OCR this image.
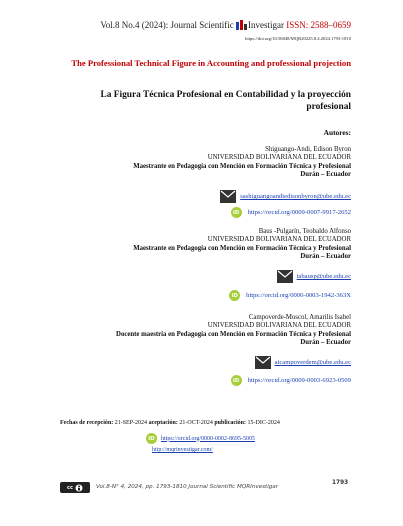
Vol.8 No.4 (2024): Journal Scientific Investigar ISSN: 2588–0659
https://doi.org/10.56048/MQR20225.8.4.2024.1793-1810
The Professional Technical Figure in Accounting and professional projection
La Figura Técnica Profesional en Contabilidad y la proyección profesional
Autores:
Shiguango-Andi, Edison Byron
UNIVERSIDAD BOLIVARIANA DEL ECUADOR
Maestrante en Pedagogía con Mención en Formación Técnica y Profesional
Durán – Ecuador
sashiguangoandiedisonbyron@ube.edu.ec
iD	https://orcid.org/0009-0007-9917-2652
Baus -Pulgarín, Teobaldo Alfonso
UNIVERSIDAD BOLIVARIANA DEL ECUADOR
Maestrante en Pedagogía con Mención en Formación Técnica y Profesional
Durán – Ecuador
tabausp@ube.edu.ec
iD	https://orcid.org/0000-0003-1942-363X
Campoverde-Moscol, Amarilis Isabel
UNIVERSIDAD BOLIVARIANA DEL ECUADOR
Docente maestría en Pedagogía con Mención en Formación Técnica y Profesional
Durán – Ecuador
aicampoverdem@ube.edu.ec
iD	https://orcid.org/0009-0003-6923-0509
Fechas de recepción: 21-SEP-2024 aceptación: 21-OCT-2024 publicación: 15-DIC-2024
iD	https://orcid.org/0000-0002-8695-5005
http://mqrinvestigar.com/
cc	Vol.8-N° 4, 2024, pp. 1793-1810 Journal Scientific MQRInvestigar
1793
